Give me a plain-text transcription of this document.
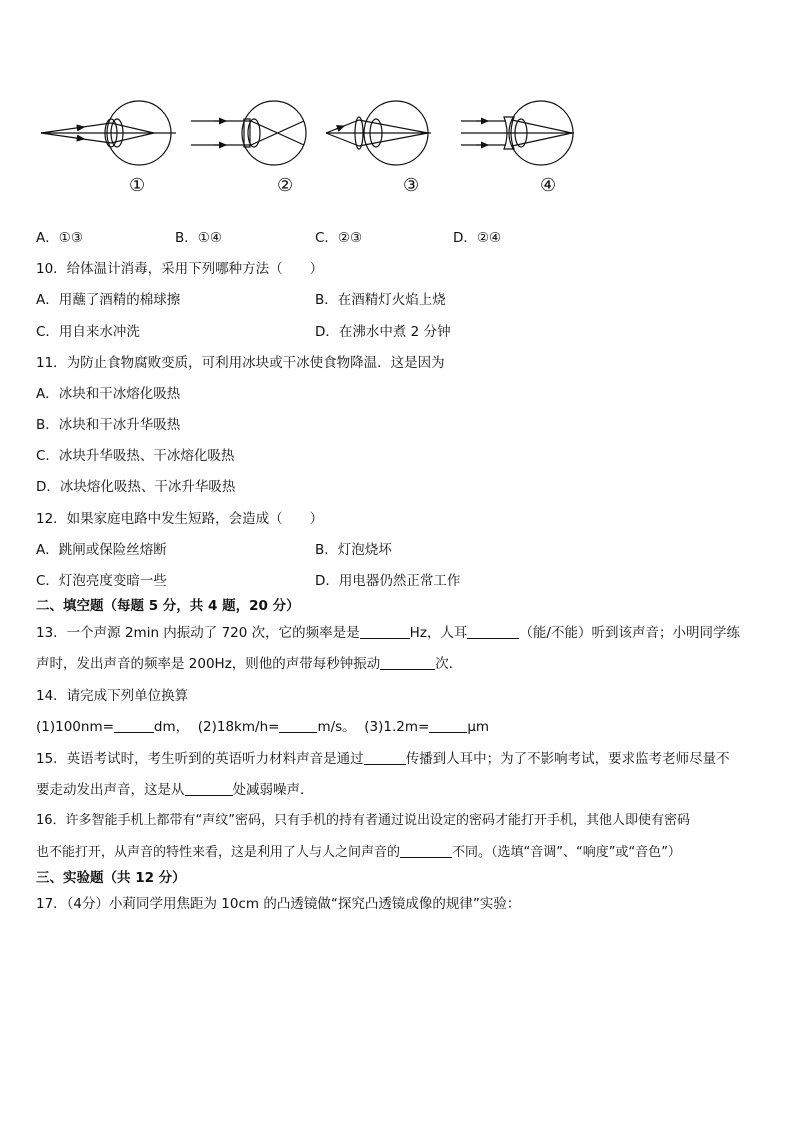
①	②	③	④
A．①③	B．①④	C．②③	D．②④
10．给体温计消毒，采用下列哪种方法（　　）
A．用蘸了酒精的棉球擦	B．在酒精灯火焰上烧
C．用自来水冲洗	D．在沸水中煮 2 分钟
11．为防止食物腐败变质，可利用冰块或干冰使食物降温．这是因为
A．冰块和干冰熔化吸热
B．冰块和干冰升华吸热
C．冰块升华吸热、干冰熔化吸热
D．冰块熔化吸热、干冰升华吸热
12．如果家庭电路中发生短路，会造成（　　）
A．跳闸或保险丝熔断	B．灯泡烧坏
C．灯泡亮度变暗一些	D．用电器仍然正常工作
二、填空题（每题 5 分，共 4 题，20 分）
13．一个声源 2min 内振动了 720 次，它的频率是是	Hz，人耳	（能/不能）听到该声音；小明同学练
声时，发出声音的频率是 200Hz，则他的声带每秒钟振动	次．
14．请完成下列单位换算
(1)100nm=	dm， (2)18km/h=	m/s。 (3)1.2m=	μm
15．英语考试时，考生听到的英语听力材料声音是通过	传播到人耳中；为了不影响考试，要求监考老师尽量不
要走动发出声音，这是从	处减弱噪声．
16．许多智能手机上都带有“声纹”密码，只有手机的持有者通过说出设定的密码才能打开手机，其他人即使有密码
也不能打开，从声音的特性来看，这是利用了人与人之间声音的	不同。（选填“音调”、“响度”或“音色”）
三、实验题（共 12 分）
17．（4分）小莉同学用焦距为 10cm 的凸透镜做“探究凸透镜成像的规律”实验：
